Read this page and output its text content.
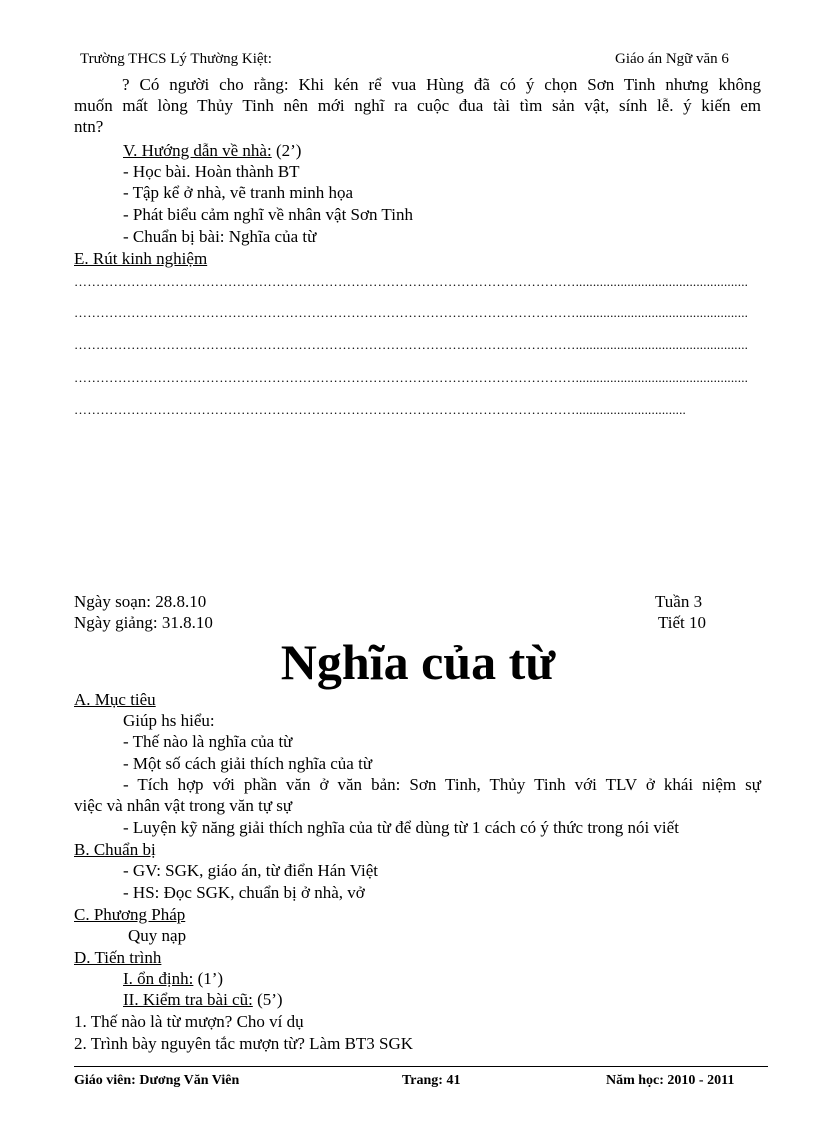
Trường THCS Lý Thường Kiệt:	Giáo án Ngữ văn 6
? Có người cho rằng: Khi kén rể vua Hùng đã có ý chọn Sơn Tinh nhưng không
muốn mất lòng Thủy Tinh nên mới nghĩ ra cuộc đua tài tìm sản vật, sính lễ. ý kiến em
ntn?
V. Hướng dẫn về nhà: (2’)
- Học bài. Hoàn thành BT
- Tập kể ở nhà, vẽ tranh minh họa
- Phát biểu cảm nghĩ về nhân vật Sơn Tinh
- Chuẩn bị bài: Nghĩa của từ
E. Rút kinh nghiệm
……………………………………………………………………………………………………..................................................
……………………………………………………………………………………………………..................................................
……………………………………………………………………………………………………..................................................
……………………………………………………………………………………………………..................................................
……………………………………………………………………………………………………................................
Ngày soạn: 28.8.10
Ngày giảng: 31.8.10
Tuần 3
Tiết 10
Nghĩa của từ
A. Mục tiêu
Giúp hs hiểu:
- Thế nào là nghĩa của từ
- Một số cách giải thích nghĩa của từ
- Tích hợp với phần văn ở văn bản: Sơn Tinh, Thủy Tinh với TLV ở khái niệm sự
việc và nhân vật trong văn tự sự
- Luyện kỹ năng giải thích nghĩa của từ để dùng từ 1 cách có ý thức trong nói viết
B. Chuẩn bị
- GV: SGK, giáo án, từ điển Hán Việt
- HS: Đọc SGK, chuẩn bị ở nhà, vở
C. Phương Pháp
Quy nạp
D. Tiến trình
I. ổn định: (1’)
II. Kiểm tra bài cũ: (5’)
1. Thế nào là từ mượn? Cho ví dụ
2. Trình bày nguyên tắc mượn từ? Làm BT3 SGK
Giáo viên: Dương Văn Viên	Trang: 41	Năm học: 2010 - 2011
